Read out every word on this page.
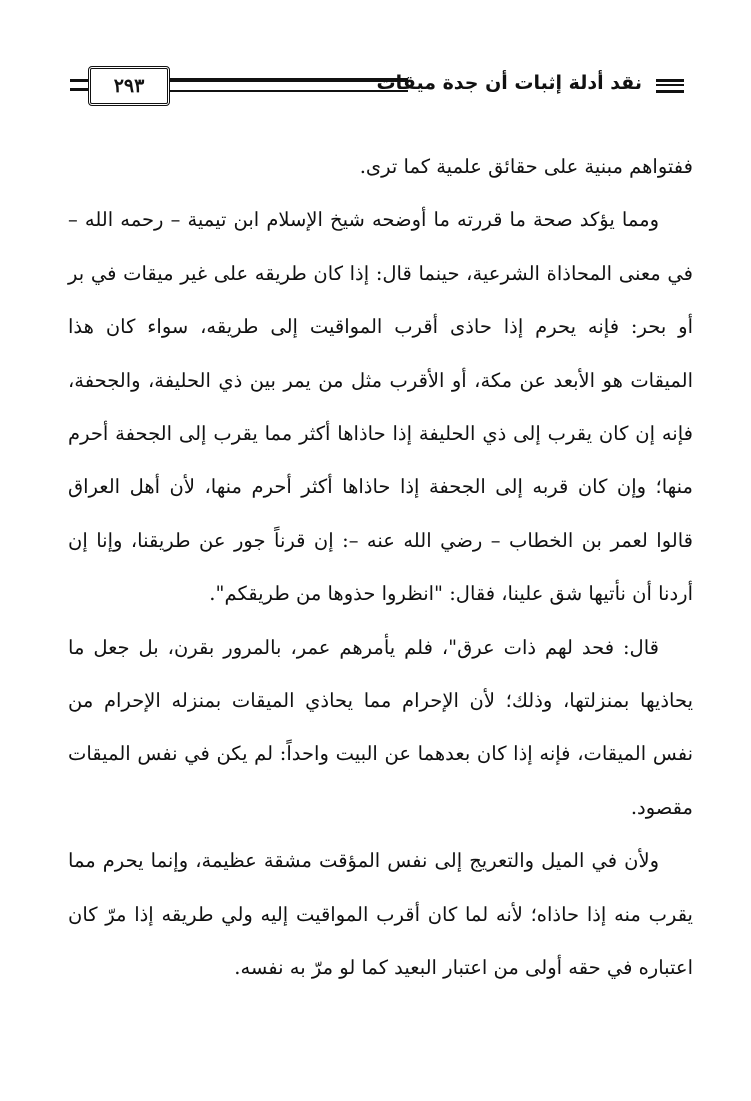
٢٩٣	نقد أدلة إثبات أن جدة ميقات

ففتواهم مبنية على حقائق علمية كما ترى.

ومما يؤكد صحة ما قررته ما أوضحه شيخ الإسلام ابن تيمية – رحمه الله – في معنى المحاذاة الشرعية، حينما قال: إذا كان طريقه على غير ميقات في بر أو بحر: فإنه يحرم إذا حاذى أقرب المواقيت إلى طريقه، سواء كان هذا الميقات هو الأبعد عن مكة، أو الأقرب مثل من يمر بين ذي الحليفة، والجحفة، فإنه إن كان يقرب إلى ذي الحليفة إذا حاذاها أكثر مما يقرب إلى الجحفة أحرم منها؛ وإن كان قربه إلى الجحفة إذا حاذاها أكثر أحرم منها، لأن أهل العراق قالوا لعمر بن الخطاب – رضي الله عنه –: إن قرناً جور عن طريقنا، وإنا إن أردنا أن نأتيها شق علينا، فقال: "انظروا حذوها من طريقكم".

قال: فحد لهم ذات عرق"، فلم يأمرهم عمر، بالمرور بقرن، بل جعل ما يحاذيها بمنزلتها، وذلك؛ لأن الإحرام مما يحاذي الميقات بمنزله الإحرام من نفس الميقات، فإنه إذا كان بعدهما عن البيت واحداً: لم يكن في نفس الميقات مقصود.

ولأن في الميل والتعريج إلى نفس المؤقت مشقة عظيمة، وإنما يحرم مما يقرب منه إذا حاذاه؛ لأنه لما كان أقرب المواقيت إليه ولي طريقه إذا مرّ كان اعتباره في حقه أولى من اعتبار البعيد كما لو مرّ به نفسه.
